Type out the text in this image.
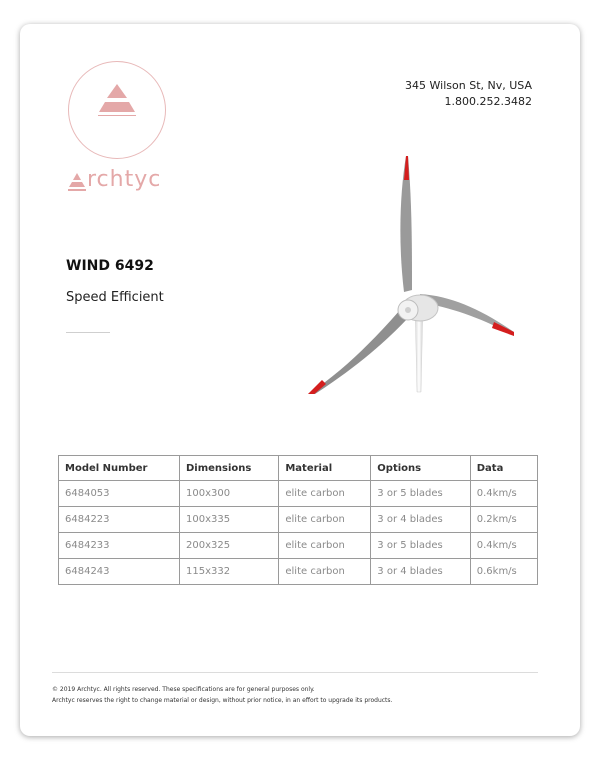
rchtyc
345 Wilson St, Nv, USA
1.800.252.3482
WIND 6492
Speed Efficient
Model Number	Dimensions	Material	Options	Data
6484053	100x300	elite carbon	3 or 5 blades	0.4km/s
6484223	100x335	elite carbon	3 or 4 blades	0.2km/s
6484233	200x325	elite carbon	3 or 5 blades	0.4km/s
6484243	115x332	elite carbon	3 or 4 blades	0.6km/s
© 2019 Archtyc. All rights reserved. These specifications are for general purposes only.
Archtyc reserves the right to change material or design, without prior notice, in an effort to upgrade its products.
